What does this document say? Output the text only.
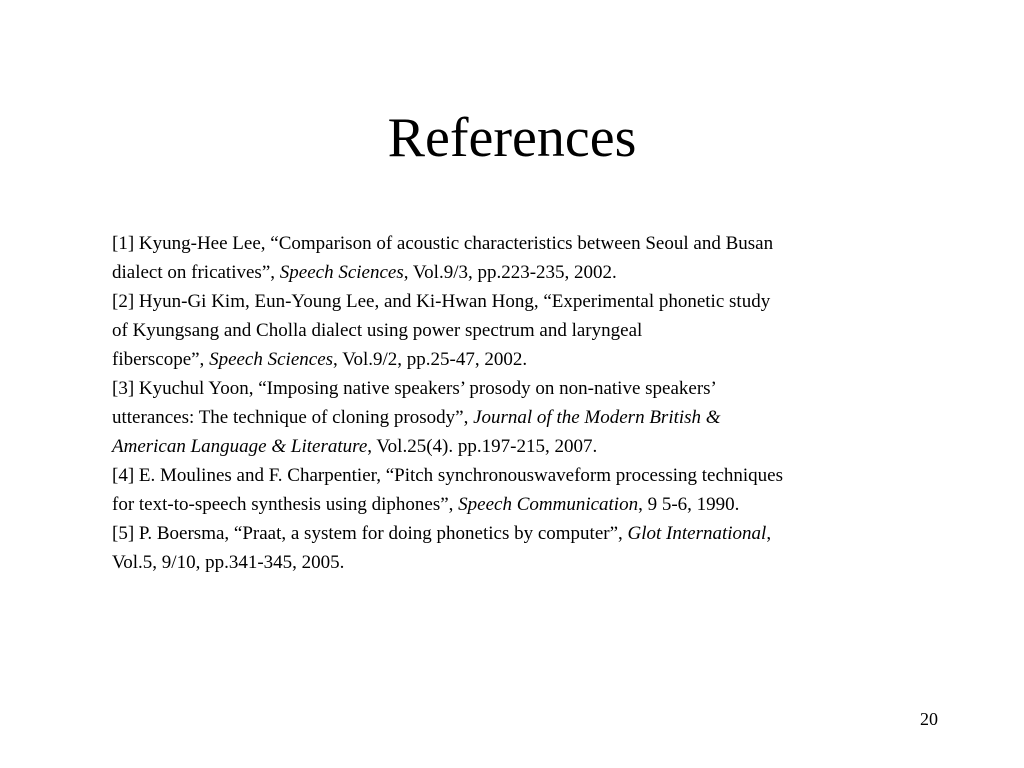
References
[1] Kyung-Hee Lee, “Comparison of acoustic characteristics between Seoul and Busan
dialect on fricatives”, Speech Sciences, Vol.9/3, pp.223-235, 2002.
[2] Hyun-Gi Kim, Eun-Young Lee, and Ki-Hwan Hong, “Experimental phonetic study
of Kyungsang and Cholla dialect using power spectrum and laryngeal
fiberscope”, Speech Sciences, Vol.9/2, pp.25-47, 2002.
[3] Kyuchul Yoon, “Imposing native speakers’ prosody on non-native speakers’
utterances: The technique of cloning prosody”, Journal of the Modern British &
American Language & Literature, Vol.25(4). pp.197-215, 2007.
[4] E. Moulines and F. Charpentier, “Pitch synchronouswaveform processing techniques
for text-to-speech synthesis using diphones”, Speech Communication, 9 5-6, 1990.
[5] P. Boersma, “Praat, a system for doing phonetics by computer”, Glot International,
Vol.5, 9/10, pp.341-345, 2005.
20
